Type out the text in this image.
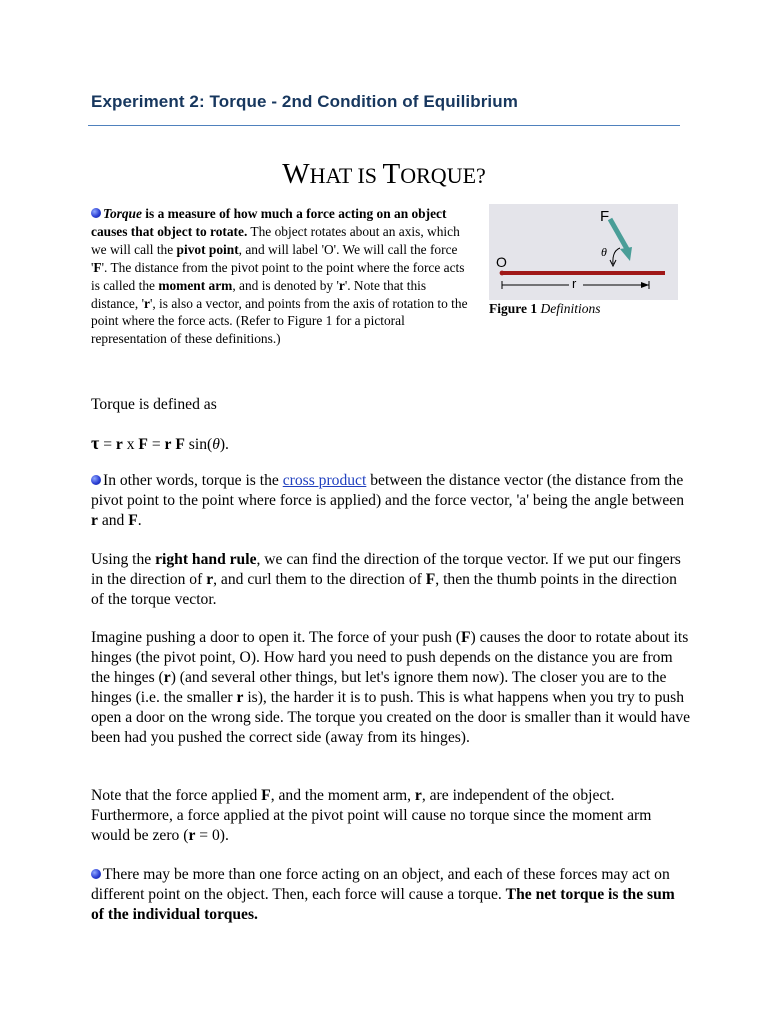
Experiment 2: Torque - 2nd Condition of Equilibrium
WHAT IS TORQUE?
Torque is a measure of how much a force acting on an object causes that object to rotate. The object rotates about an axis, which we will call the pivot point, and will label 'O'. We will call the force 'F'. The distance from the pivot point to the point where the force acts is called the moment arm, and is denoted by 'r'. Note that this distance, 'r', is also a vector, and points from the axis of rotation to the point where the force acts. (Refer to Figure 1 for a pictoral representation of these definitions.)
F
O
θ
r
Figure 1 Definitions

Torque is defined as

τ = r x F = r F sin(θ).

In other words, torque is the cross product between the distance vector (the distance from the pivot point to the point where force is applied) and the force vector, 'a' being the angle between r and F.

Using the right hand rule, we can find the direction of the torque vector. If we put our fingers in the direction of r, and curl them to the direction of F, then the thumb points in the direction of the torque vector.

Imagine pushing a door to open it. The force of your push (F) causes the door to rotate about its hinges (the pivot point, O). How hard you need to push depends on the distance you are from the hinges (r) (and several other things, but let's ignore them now). The closer you are to the hinges (i.e. the smaller r is), the harder it is to push. This is what happens when you try to push open a door on the wrong side. The torque you created on the door is smaller than it would have been had you pushed the correct side (away from its hinges).

Note that the force applied F, and the moment arm, r, are independent of the object. Furthermore, a force applied at the pivot point will cause no torque since the moment arm would be zero (r = 0).

There may be more than one force acting on an object, and each of these forces may act on different point on the object. Then, each force will cause a torque. The net torque is the sum of the individual torques.
